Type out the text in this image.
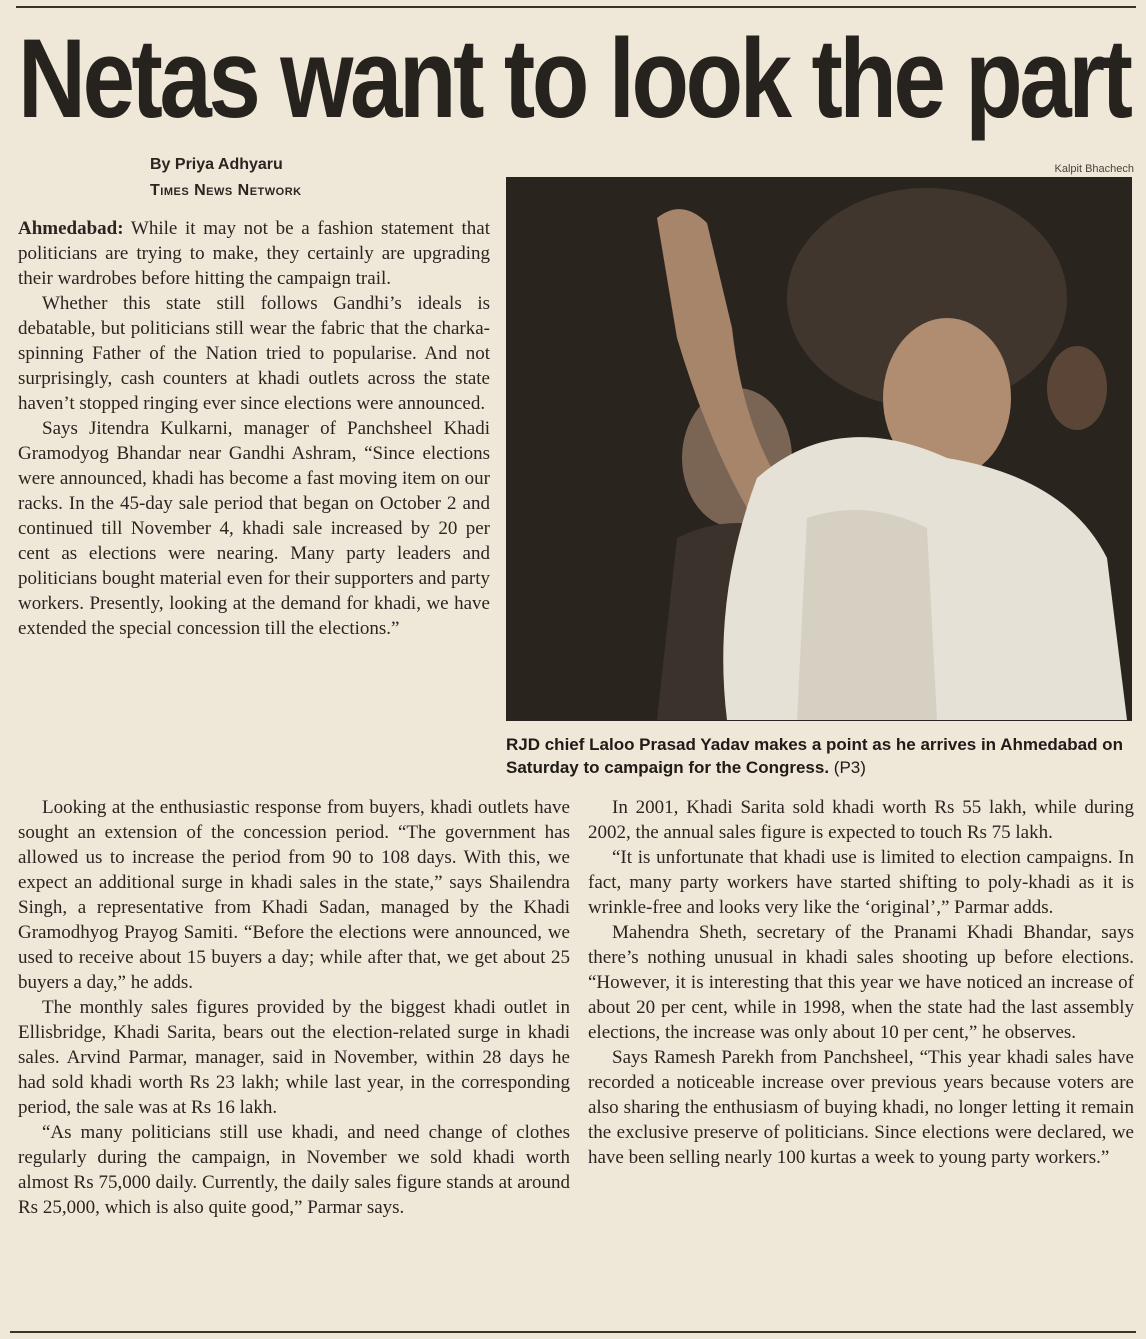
Netas want to look the part
By Priya Adhyaru
Times News Network
Kalpit Bhachech
RJD chief Laloo Prasad Yadav makes a point as he arrives in Ahmedabad on Saturday to campaign for the Congress. (P3)

Ahmedabad: While it may not be a fashion statement that politicians are trying to make, they certainly are upgrading their wardrobes before hitting the campaign trail.

Whether this state still follows Gandhi’s ideals is debatable, but politicians still wear the fabric that the charka-spinning Father of the Nation tried to popularise. And not surprisingly, cash counters at khadi outlets across the state haven’t stopped ringing ever since elections were announced.

Says Jitendra Kulkarni, manager of Panchsheel Khadi Gramodyog Bhandar near Gandhi Ashram, “Since elections were announced, khadi has become a fast moving item on our racks. In the 45-day sale period that began on October 2 and continued till November 4, khadi sale increased by 20 per cent as elections were nearing. Many party leaders and politicians bought material even for their supporters and party workers. Presently, looking at the demand for khadi, we have extended the special concession till the elections.”

Looking at the enthusiastic response from buyers, khadi outlets have sought an extension of the concession period. “The government has allowed us to increase the period from 90 to 108 days. With this, we expect an additional surge in khadi sales in the state,” says Shailendra Singh, a representative from Khadi Sadan, managed by the Khadi Gramodhyog Prayog Samiti. “Before the elections were announced, we used to receive about 15 buyers a day; while after that, we get about 25 buyers a day,” he adds.

The monthly sales figures provided by the biggest khadi outlet in Ellisbridge, Khadi Sarita, bears out the election-related surge in khadi sales. Arvind Parmar, manager, said in November, within 28 days he had sold khadi worth Rs 23 lakh; while last year, in the corresponding period, the sale was at Rs 16 lakh.

“As many politicians still use khadi, and need change of clothes regularly during the campaign, in November we sold khadi worth almost Rs 75,000 daily. Currently, the daily sales figure stands at around Rs 25,000, which is also quite good,” Parmar says.

In 2001, Khadi Sarita sold khadi worth Rs 55 lakh, while during 2002, the annual sales figure is expected to touch Rs 75 lakh.

“It is unfortunate that khadi use is limited to election campaigns. In fact, many party workers have started shifting to poly-khadi as it is wrinkle-free and looks very like the ‘original’,” Parmar adds.

Mahendra Sheth, secretary of the Pranami Khadi Bhandar, says there’s nothing unusual in khadi sales shooting up before elections. “However, it is interesting that this year we have noticed an increase of about 20 per cent, while in 1998, when the state had the last assembly elections, the increase was only about 10 per cent,” he observes.

Says Ramesh Parekh from Panchsheel, “This year khadi sales have recorded a noticeable increase over previous years because voters are also sharing the enthusiasm of buying khadi, no longer letting it remain the exclusive preserve of politicians. Since elections were declared, we have been selling nearly 100 kurtas a week to young party workers.”
